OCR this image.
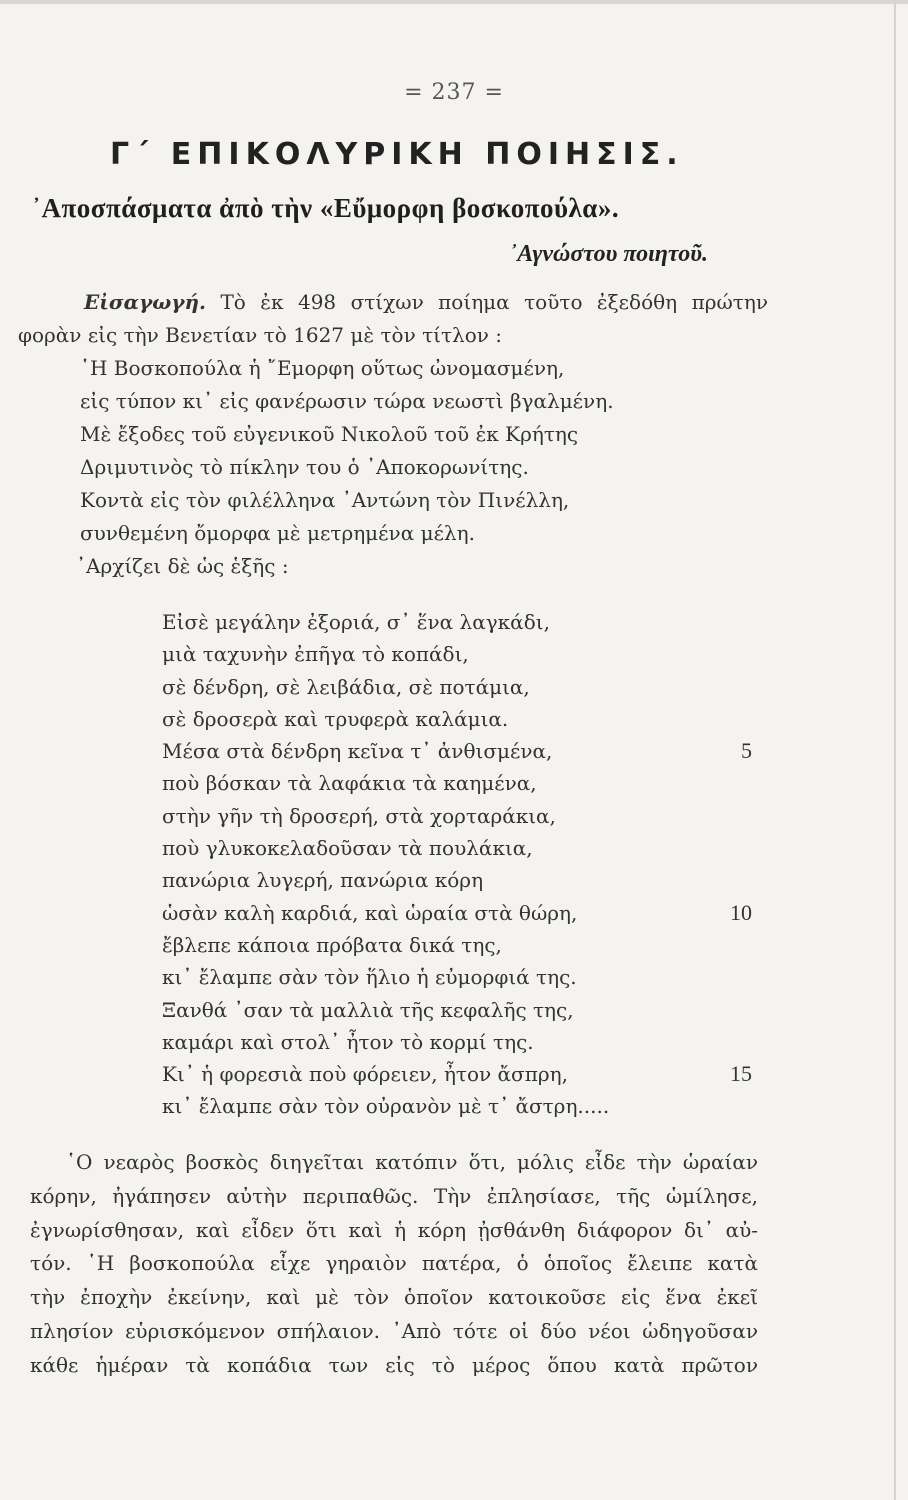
= 237 =
Γ΄ ΕΠΙΚΟΛΥΡΙΚΗ ΠΟΙΗΣΙΣ.
᾿Αποσπάσματα ἀπὸ τὴν «Εὔμορφη βοσκοπούλα».
᾿Αγνώστου ποιητοῦ.

Εἰσαγωγή. Τὸ ἐκ 498 στίχων ποίημα τοῦτο ἐξεδόθη πρώτην φορὰν εἰς τὴν Βενετίαν τὸ 1627 μὲ τὸν τίτλον :

῾Η Βοσκοπούλα ἡ ῎Εμορφη οὕτως ὠνομασμένη,
εἰς τύπον κι᾽ εἰς φανέρωσιν τώρα νεωστὶ βγαλμένη.
Μὲ ἔξοδες τοῦ εὐγενικοῦ Νικολοῦ τοῦ ἐκ Κρήτης
Δριμυτινὸς τὸ πίκλην του ὁ ᾿Αποκορωνίτης.
Κοντὰ εἰς τὸν φιλέλληνα ᾿Αντώνη τὸν Πινέλλη,
συνθεμένη ὄμορφα μὲ μετρημένα μέλη.

᾿Αρχίζει δὲ ὡς ἑξῆς :

Εἰσὲ μεγάλην ἐξοριά, σ᾽ ἕνα λαγκάδι,
μιὰ ταχυνὴν ἐπῆγα τὸ κοπάδι,
σὲ δένδρη, σὲ λειβάδια, σὲ ποτάμια,
σὲ δροσερὰ καὶ τρυφερὰ καλάμια.
Μέσα στὰ δένδρη κεῖνα τ᾽ ἀνθισμένα,	5
ποὺ βόσκαν τὰ λαφάκια τὰ καημένα,
στὴν γῆν τὴ δροσερή, στὰ χορταράκια,
ποὺ γλυκοκελαδοῦσαν τὰ πουλάκια,
πανώρια λυγερή, πανώρια κόρη
ὡσὰν καλὴ καρδιά, καὶ ὡραία στὰ θώρη,	10
ἔβλεπε κάποια πρόβατα δικά της,
κι᾽ ἔλαμπε σὰν τὸν ἥλιο ἡ εὐμορφιά της.
Ξανθά ᾽σαν τὰ μαλλιὰ τῆς κεφαλῆς της,
καμάρι καὶ στολ᾽ ἦτον τὸ κορμί της.
Κι᾽ ἡ φορεσιὰ ποὺ φόρειεν, ἦτον ἄσπρη,	15
κι᾽ ἔλαμπε σὰν τὸν οὐρανὸν μὲ τ᾽ ἄστρη.....

῾Ο νεαρὸς βοσκὸς διηγεῖται κατόπιν ὅτι, μόλις εἶδε τὴν ὡραίαν

κόρην, ἠγάπησεν αὐτὴν περιπαθῶς. Τὴν ἐπλησίασε, τῆς ὡμίλησε,

ἐγνωρίσθησαν, καὶ εἶδεν ὅτι καὶ ἡ κόρη ᾐσθάνθη διάφορον δι᾽ αὐ-

τόν. ῾Η βοσκοπούλα εἶχε γηραιὸν πατέρα, ὁ ὁποῖος ἔλειπε κατὰ

τὴν ἐποχὴν ἐκείνην, καὶ μὲ τὸν ὁποῖον κατοικοῦσε εἰς ἕνα ἐκεῖ

πλησίον εὑρισκόμενον σπήλαιον. ᾿Απὸ τότε οἱ δύο νέοι ὡδηγοῦσαν

κάθε ἡμέραν τὰ κοπάδια των εἰς τὸ μέρος ὅπου κατὰ πρῶτον
